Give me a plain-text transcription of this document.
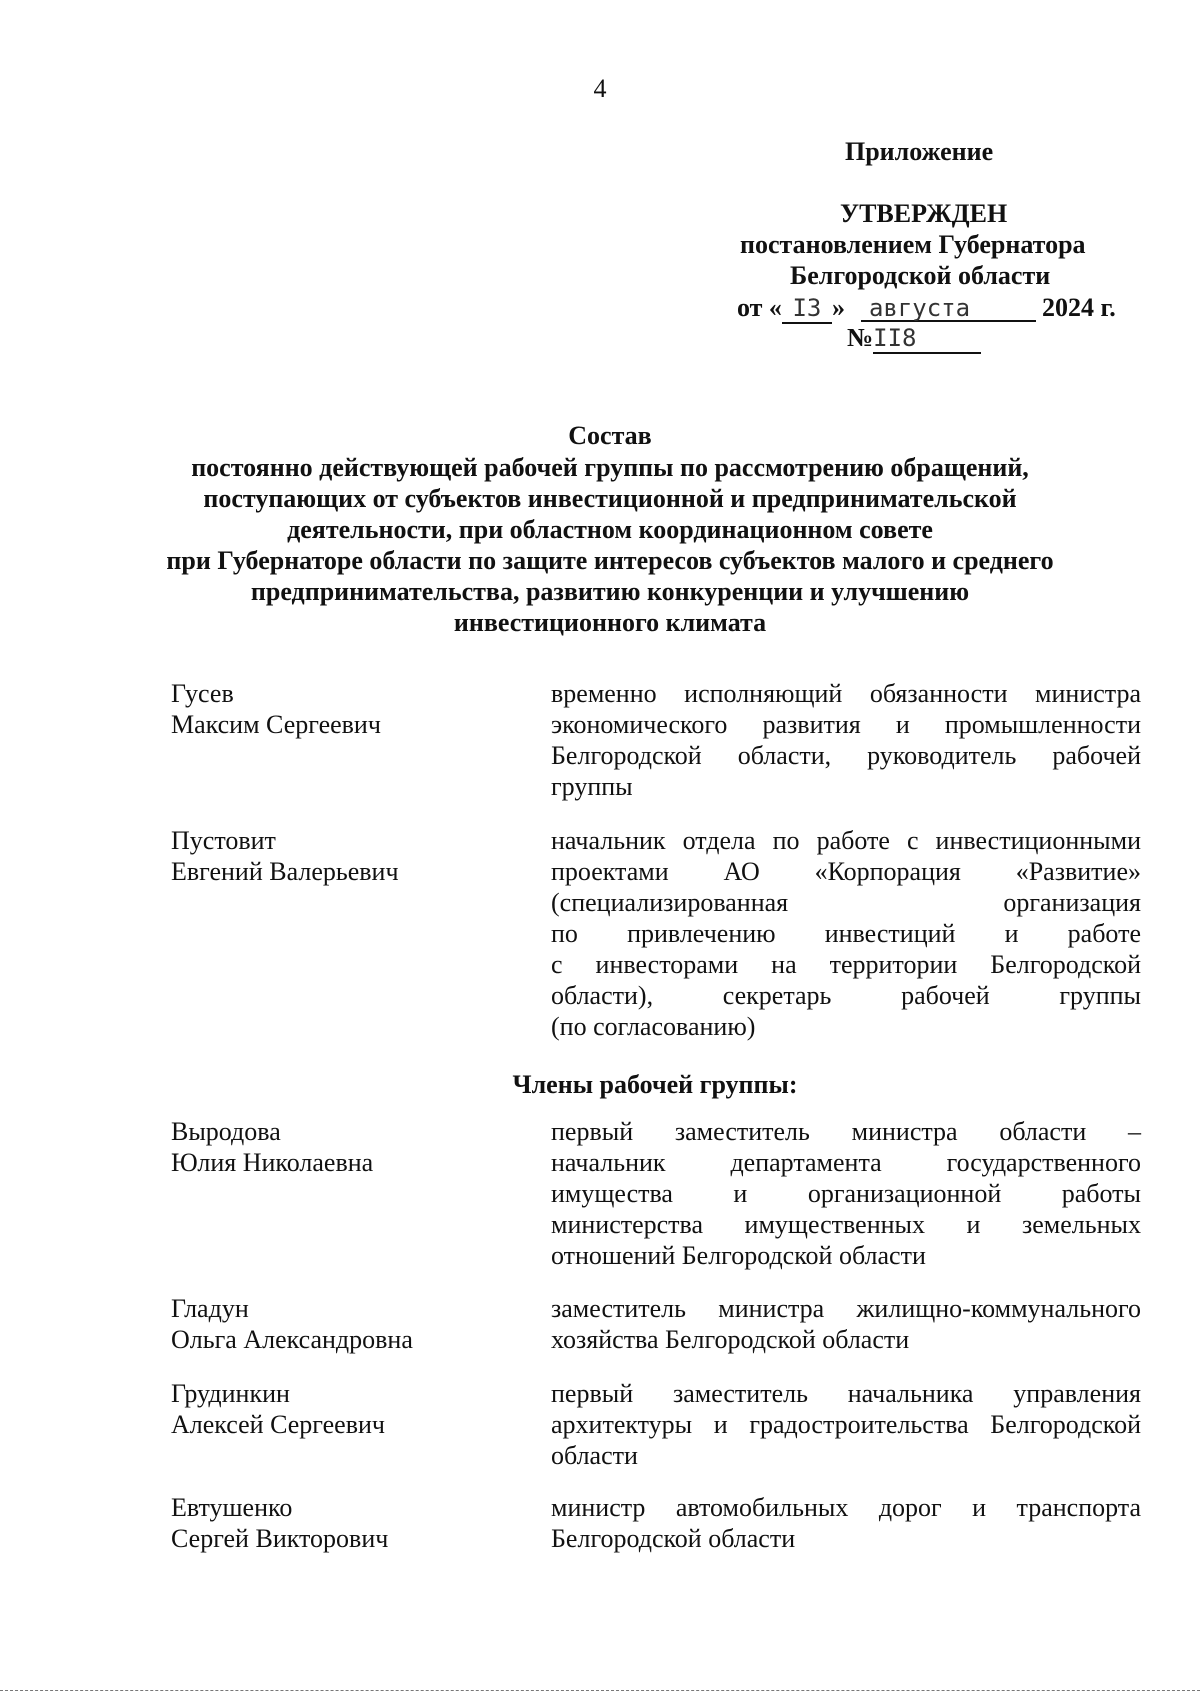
4
Приложение
УТВЕРЖДЕН
постановлением Губернатора
Белгородской области
от « I3 » августа	2024 г.
№II8
Состав
постоянно действующей рабочей группы по рассмотрению обращений,
поступающих от субъектов инвестиционной и предпринимательской
деятельности, при областном координационном совете
при Губернаторе области по защите интересов субъектов малого и среднего
предпринимательства, развитию конкуренции и улучшению
инвестиционного климата
Гусев
Максим Сергеевич
временно исполняющий обязанности министра
экономического развития и промышленности
Белгородской области, руководитель рабочей
группы
Пустовит
Евгений Валерьевич
начальник отдела по работе с инвестиционными
проектами АО «Корпорация «Развитие»
(специализированная организация
по привлечению инвестиций и работе
с инвесторами на территории Белгородской
области), секретарь рабочей группы
(по согласованию)
Члены рабочей группы:
Выродова
Юлия Николаевна
первый заместитель министра области –
начальник департамента государственного
имущества и организационной работы
министерства имущественных и земельных
отношений Белгородской области
Гладун
Ольга Александровна
заместитель министра жилищно-коммунального
хозяйства Белгородской области
Грудинкин
Алексей Сергеевич
первый заместитель начальника управления
архитектуры и градостроительства Белгородской
области
Евтушенко
Сергей Викторович
министр автомобильных дорог и транспорта
Белгородской области
